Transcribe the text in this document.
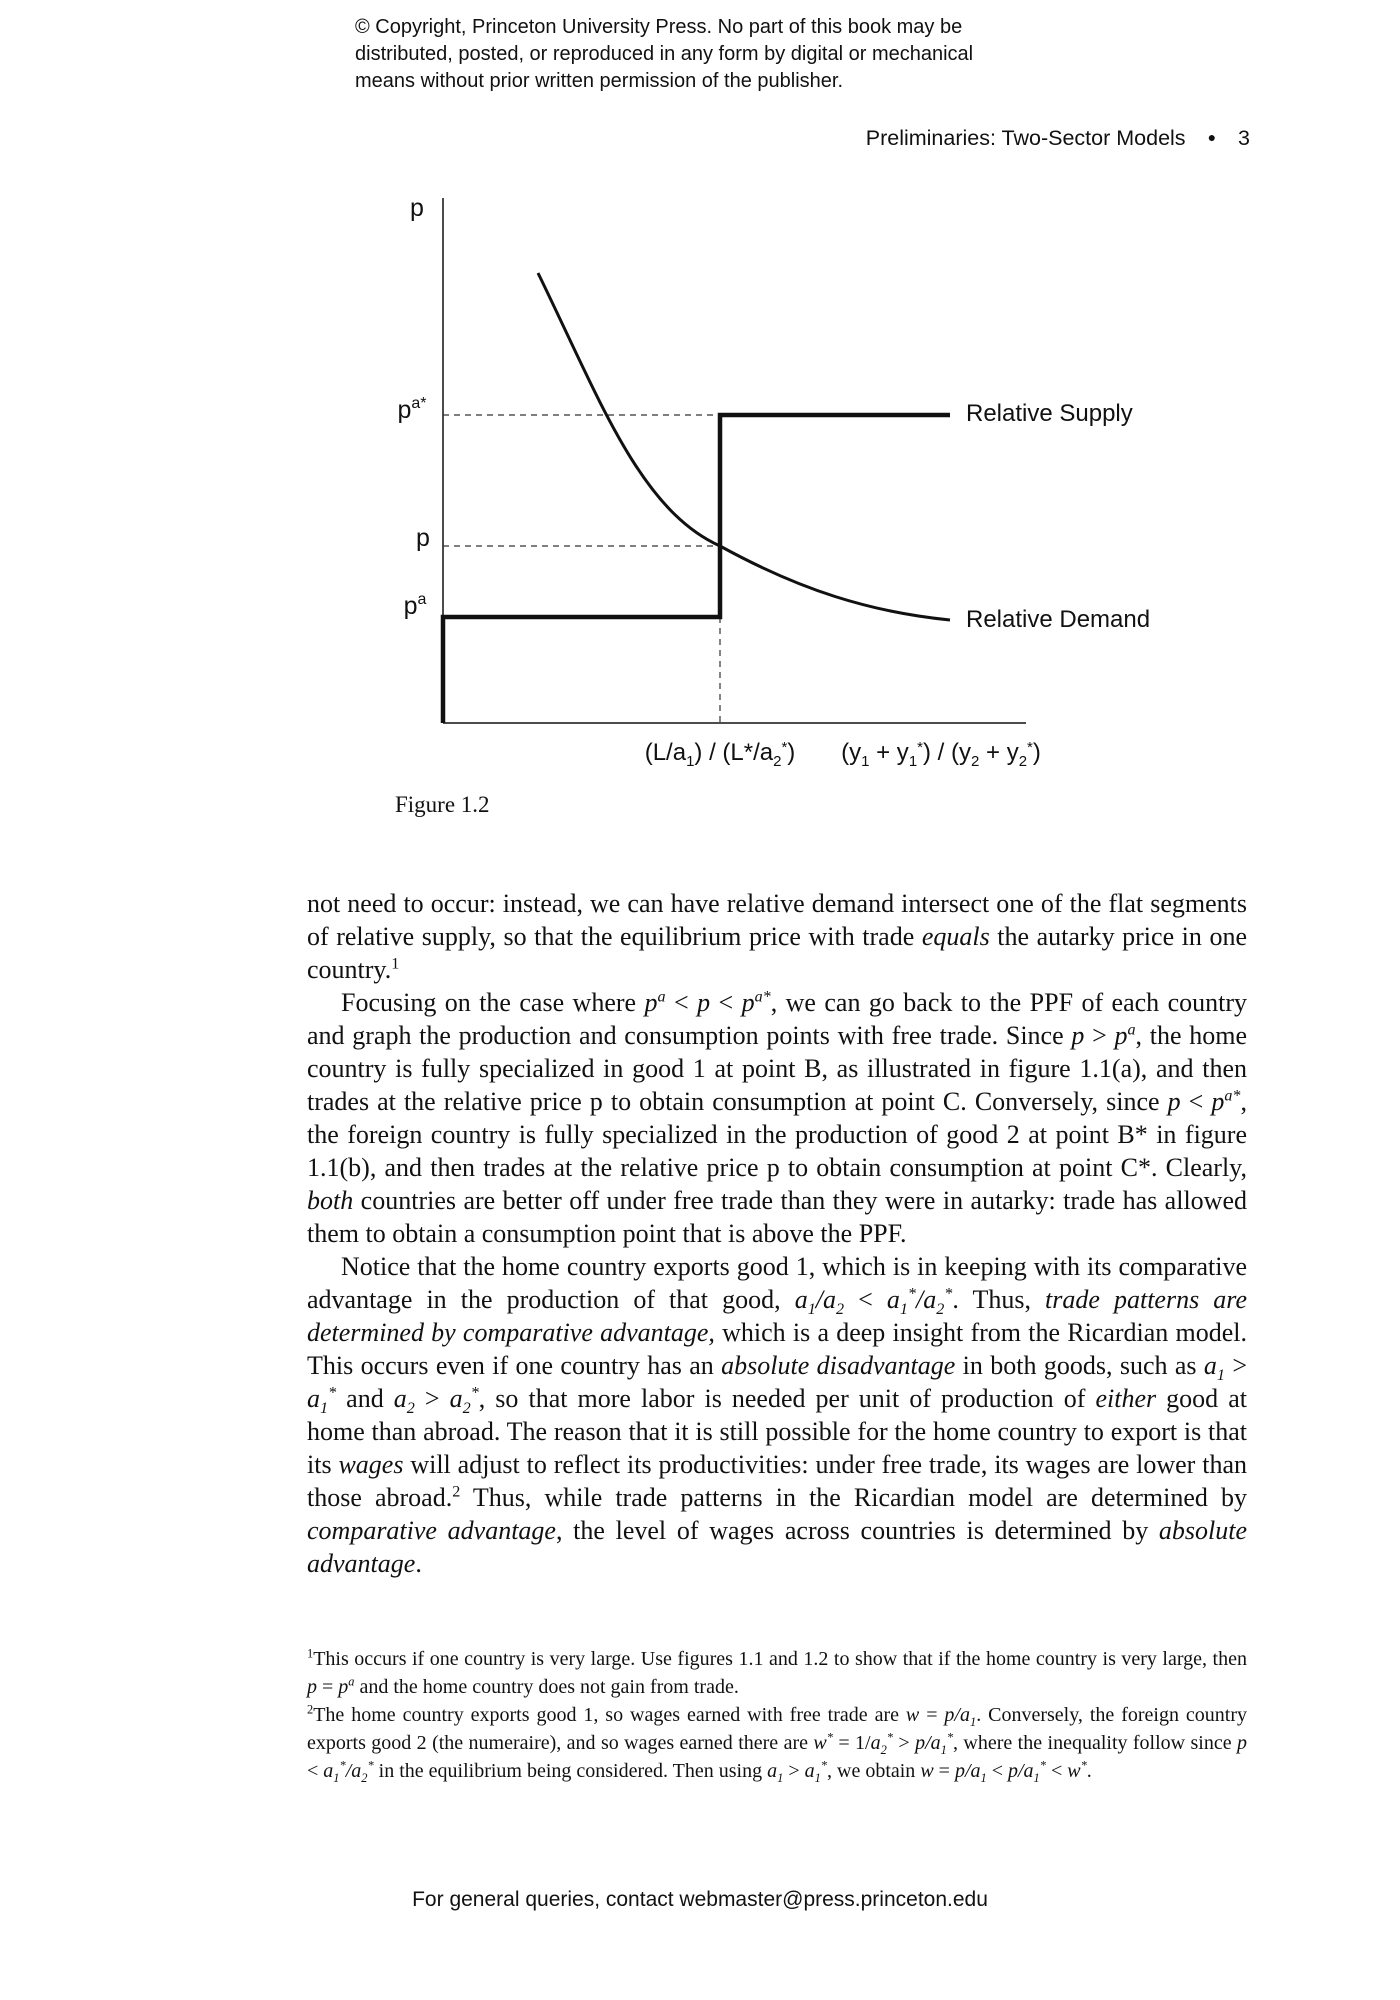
© Copyright, Princeton University Press. No part of this book may be
distributed, posted, or reproduced in any form by digital or mechanical
means without prior written permission of the publisher.
Preliminaries: Two-Sector Models ● 3
p
$p^{a*}$
p
$p^a$
Relative Supply
Relative Demand
$(L/a_1) / (L*/a_2^*) (y_1 + y_1^*) / (y_2 + y_2^*)$
Figure 1.2

not need to occur: instead, we can have relative demand intersect one of the flat segments of relative supply, so that the equilibrium price with trade equals the autarky price in one country.$^1$

Focusing on the case where $p^a < p < p^{a*}$, we can go back to the PPF of each country and graph the production and consumption points with free trade. Since $p > p^a$, the home country is fully specialized in good 1 at point B, as illustrated in figure 1.1(a), and then trades at the relative price p to obtain consumption at point C. Conversely, since $p < p^{a*}$, the foreign country is fully specialized in the production of good 2 at point B* in figure 1.1(b), and then trades at the relative price p to obtain consumption at point C*. Clearly, both countries are better off under free trade than they were in autarky: trade has allowed them to obtain a consumption point that is above the PPF.

Notice that the home country exports good 1, which is in keeping with its comparative advantage in the production of that good, $a_1/a_2 < a_1^*/a_2^*$. Thus, trade patterns are determined by comparative advantage, which is a deep insight from the Ricardian model. This occurs even if one country has an absolute disadvantage in both goods, such as $a_1 > a_1^*$ and $a_2 > a_2^*$, so that more labor is needed per unit of production of either good at home than abroad. The reason that it is still possible for the home country to export is that its wages will adjust to reflect its productivities: under free trade, its wages are lower than those abroad.$^2$ Thus, while trade patterns in the Ricardian model are determined by comparative advantage, the level of wages across countries is determined by absolute advantage.

$^1$This occurs if one country is very large. Use figures 1.1 and 1.2 to show that if the home country is very large, then $p = p^a$ and the home country does not gain from trade.

$^2$The home country exports good 1, so wages earned with free trade are $w = p/a_1$. Conversely, the foreign country exports good 2 (the numeraire), and so wages earned there are $w^* = 1/a_2^* > p/a_1^*$, where the inequality follow since $p < a_1^*/a_2^*$ in the equilibrium being considered. Then using $a_1 > a_1^*$, we obtain $w = p/a_1 < p/a_1^* < w^*$.

For general queries, contact webmaster@press.princeton.edu
